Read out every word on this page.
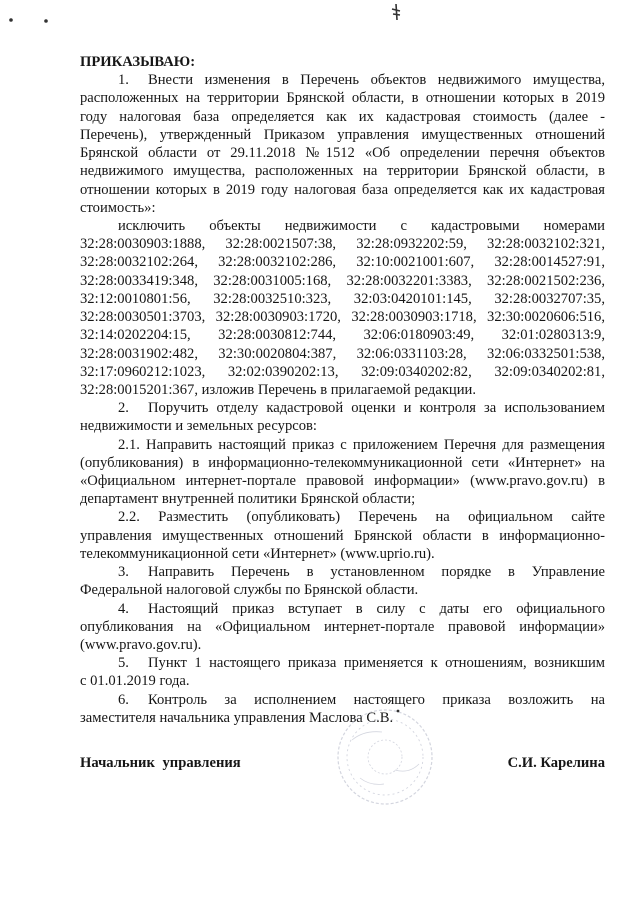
ПРИКАЗЫВАЮ:
1.	Внести изменения в Перечень объектов недвижимого имущества,
расположенных на территории Брянской области, в отношении которых в 2019
году налоговая база определяется как их кадастровая стоимость (далее -
Перечень), утвержденный Приказом управления имущественных отношений
Брянской области от 29.11.2018 №1512 «Об определении перечня объектов
недвижимого имущества, расположенных на территории Брянской области, в
отношении которых в 2019 году налоговая база определяется как их кадастровая
стоимость»:
исключить объекты недвижимости с кадастровыми номерами
32:28:0030903:1888, 32:28:0021507:38, 32:28:0932202:59, 32:28:0032102:321,
32:28:0032102:264, 32:28:0032102:286, 32:10:0021001:607, 32:28:0014527:91,
32:28:0033419:348, 32:28:0031005:168, 32:28:0032201:3383, 32:28:0021502:236,
32:12:0010801:56, 32:28:0032510:323, 32:03:0420101:145, 32:28:0032707:35,
32:28:0030501:3703, 32:28:0030903:1720, 32:28:0030903:1718, 32:30:0020606:516,
32:14:0202204:15, 32:28:0030812:744, 32:06:0180903:49, 32:01:0280313:9,
32:28:0031902:482, 32:30:0020804:387, 32:06:0331103:28, 32:06:0332501:538,
32:17:0960212:1023, 32:02:0390202:13, 32:09:0340202:82, 32:09:0340202:81,
32:28:0015201:367, изложив Перечень в прилагаемой редакции.
2.	Поручить отделу кадастровой оценки и контроля за использованием
недвижимости и земельных ресурсов:
2.1. Направить настоящий приказ с приложением Перечня для размещения
(опубликования) в информационно-телекоммуникационной сети «Интернет» на
«Официальном интернет-портале правовой информации» (www.pravo.gov.ru) в
департамент внутренней политики Брянской области;
2.2. Разместить (опубликовать) Перечень на официальном сайте
управления имущественных отношений Брянской области в информационно-
телекоммуникационной сети «Интернет» (www.uprio.ru).
3.	Направить Перечень в установленном порядке в Управление
Федеральной налоговой службы по Брянской области.
4.	Настоящий приказ вступает в силу с даты его официального
опубликования на «Официальном интернет-портале правовой информации»
(www.pravo.gov.ru).
5.	Пункт 1 настоящего приказа применяется к отношениям, возникшим
с 01.01.2019 года.
6.	Контроль за исполнением настоящего приказа возложить на
заместителя начальника управления Маслова С.В.
Начальник управления	С.И. Карелина
